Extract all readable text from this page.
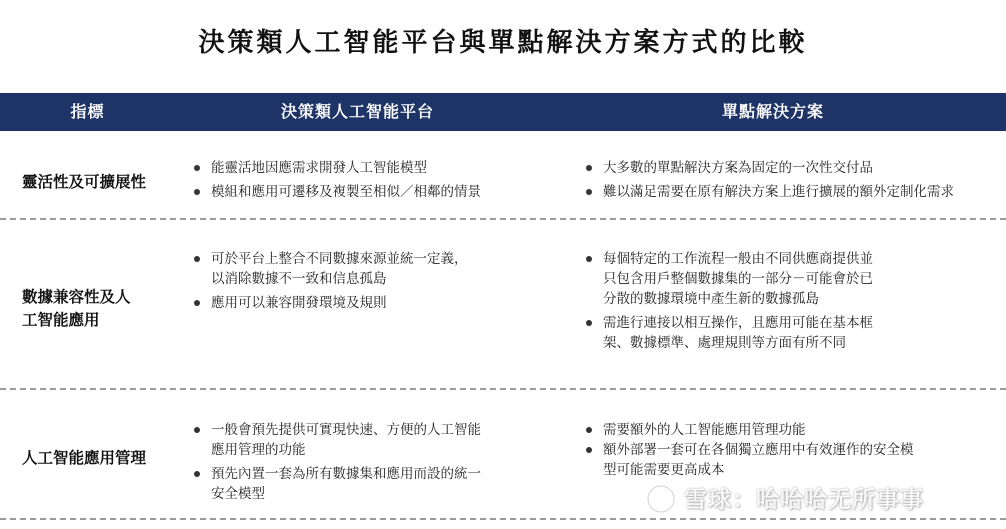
決策類人工智能平台與單點解決方案方式的比較
指標	決策類人工智能平台	單點解決方案
靈活性及可擴展性
能靈活地因應需求開發人工智能模型
模組和應用可遷移及複製至相似／相鄰的情景
大多數的單點解決方案為固定的一次性交付品
難以滿足需要在原有解決方案上進行擴展的額外定制化需求
數據兼容性及人工智能應用
可於平台上整合不同數據來源並統一定義，以消除數據不一致和信息孤島
應用可以兼容開發環境及規則
每個特定的工作流程一般由不同供應商提供並只包含用戶整個數據集的一部分－可能會於已分散的數據環境中產生新的數據孤島
需進行連接以相互操作，且應用可能在基本框架、數據標準、處理規則等方面有所不同
人工智能應用管理
一般會預先提供可實現快速、方便的人工智能應用管理的功能
預先內置一套為所有數據集和應用而設的統一安全模型
需要額外的人工智能應用管理功能
額外部署一套可在各個獨立應用中有效運作的安全模型可能需要更高成本
雪球：哈哈哈无所事事
